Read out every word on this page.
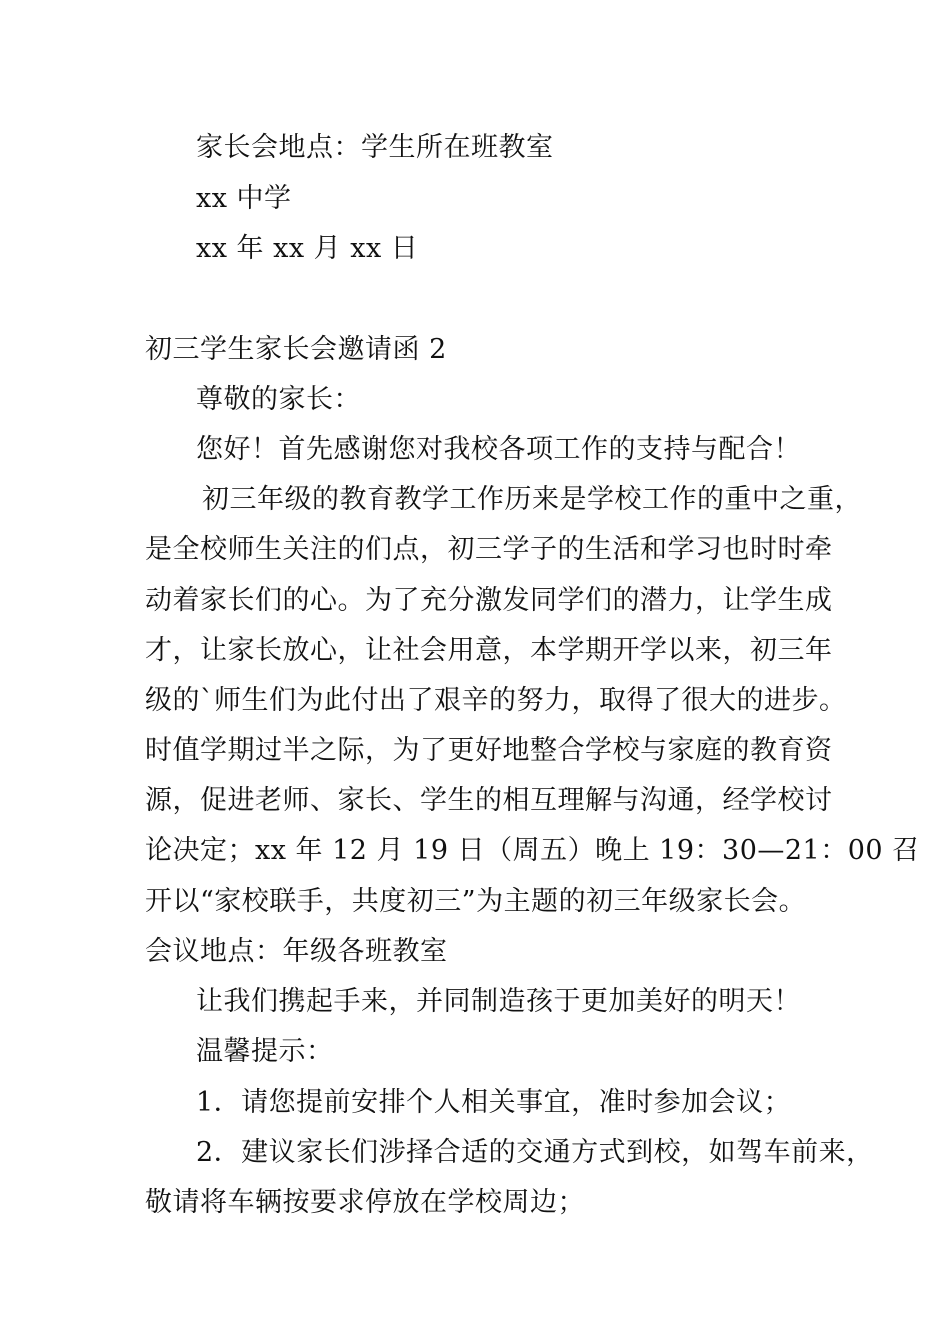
家长会地点：学生所在班教室
xx 中学
xx 年 xx 月 xx 日
初三学生家长会邀请函 2
尊敬的家长：
您好！首先感谢您对我校各项工作的支持与配合！
初三年级的教育教学工作历来是学校工作的重中之重，
是全校师生关注的们点，初三学子的生活和学习也时时牵
动着家长们的心。为了充分激发同学们的潜力，让学生成
才，让家长放心，让社会用意，本学期开学以来，初三年
级的`师生们为此付出了艰辛的努力，取得了很大的进步。
时值学期过半之际，为了更好地整合学校与家庭的教育资
源，促进老师、家长、学生的相互理解与沟通，经学校讨
论决定；xx 年 12 月 19 日（周五）晚上 19：30—21：00 召
开以“家校联手，共度初三”为主题的初三年级家长会。
会议地点：年级各班教室
让我们携起手来，并同制造孩于更加美好的明天！
温馨提示：
1．请您提前安排个人相关事宜，准时参加会议；
2．建议家长们涉择合适的交通方式到校，如驾车前来，
敬请将车辆按要求停放在学校周边；
